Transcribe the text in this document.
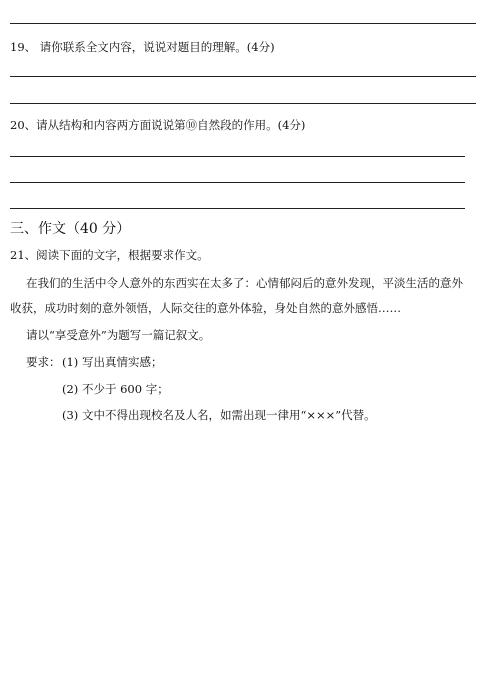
19、 请你联系全文内容，说说对题目的理解。(4分)
20、请从结构和内容两方面说说第⑩自然段的作用。(4分)
三、作文（40 分）
21、阅读下面的文字，根据要求作文。
在我们的生活中令人意外的东西实在太多了：心情郁闷后的意外发现，平淡生活的意外
收获，成功时刻的意外领悟，人际交往的意外体验，身处自然的意外感悟……
请以“享受意外”为题写一篇记叙文。
要求： (1) 写出真情实感；
(2) 不少于 600 字；
(3) 文中不得出现校名及人名，如需出现一律用“×××”代替。
